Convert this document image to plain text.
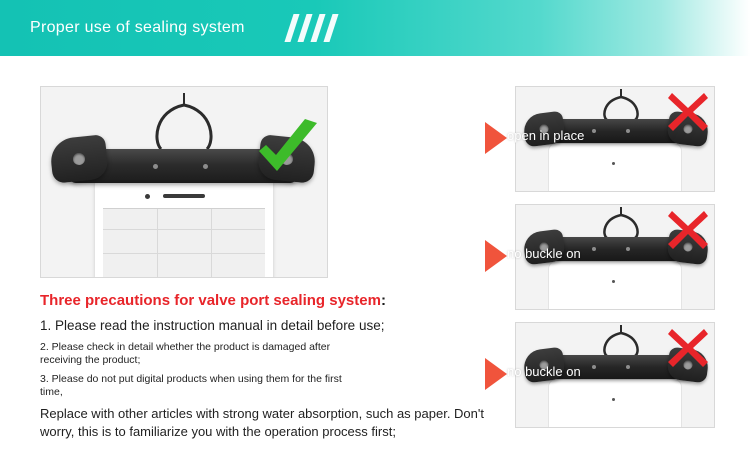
Proper use of sealing system
Three precautions for valve port sealing system:

1. Please read the instruction manual in detail before use;

2. Please check in detail whether the product is damaged after receiving the product;

3. Please do not put digital products when using them for the first time,

Replace with other articles with strong water absorption, such as paper. Don't worry, this is to familiarize you with the operation process first;

open in place
no buckle on
no buckle on
